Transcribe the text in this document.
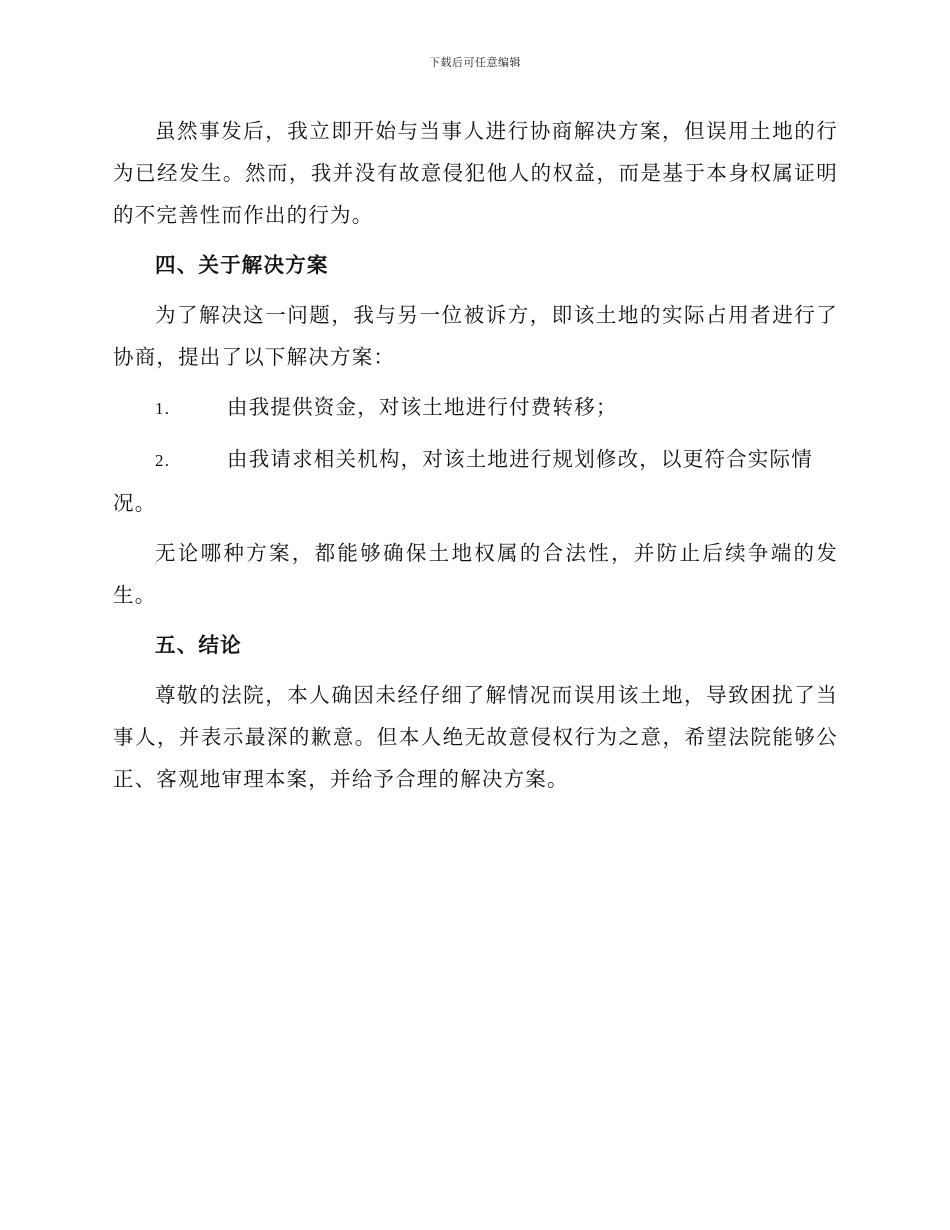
下载后可任意编辑

虽然事发后，我立即开始与当事人进行协商解决方案，但误用土地的行为已经发生。然而，我并没有故意侵犯他人的权益，而是基于本身权属证明的不完善性而作出的行为。

四、关于解决方案

为了解决这一问题，我与另一位被诉方，即该土地的实际占用者进行了协商，提出了以下解决方案：

1.	由我提供资金，对该土地进行付费转移；
2.	由我请求相关机构，对该土地进行规划修改，以更符合实际情
况。

无论哪种方案，都能够确保土地权属的合法性，并防止后续争端的发生。

五、结论

尊敬的法院，本人确因未经仔细了解情况而误用该土地，导致困扰了当事人，并表示最深的歉意。但本人绝无故意侵权行为之意，希望法院能够公正、客观地审理本案，并给予合理的解决方案。
